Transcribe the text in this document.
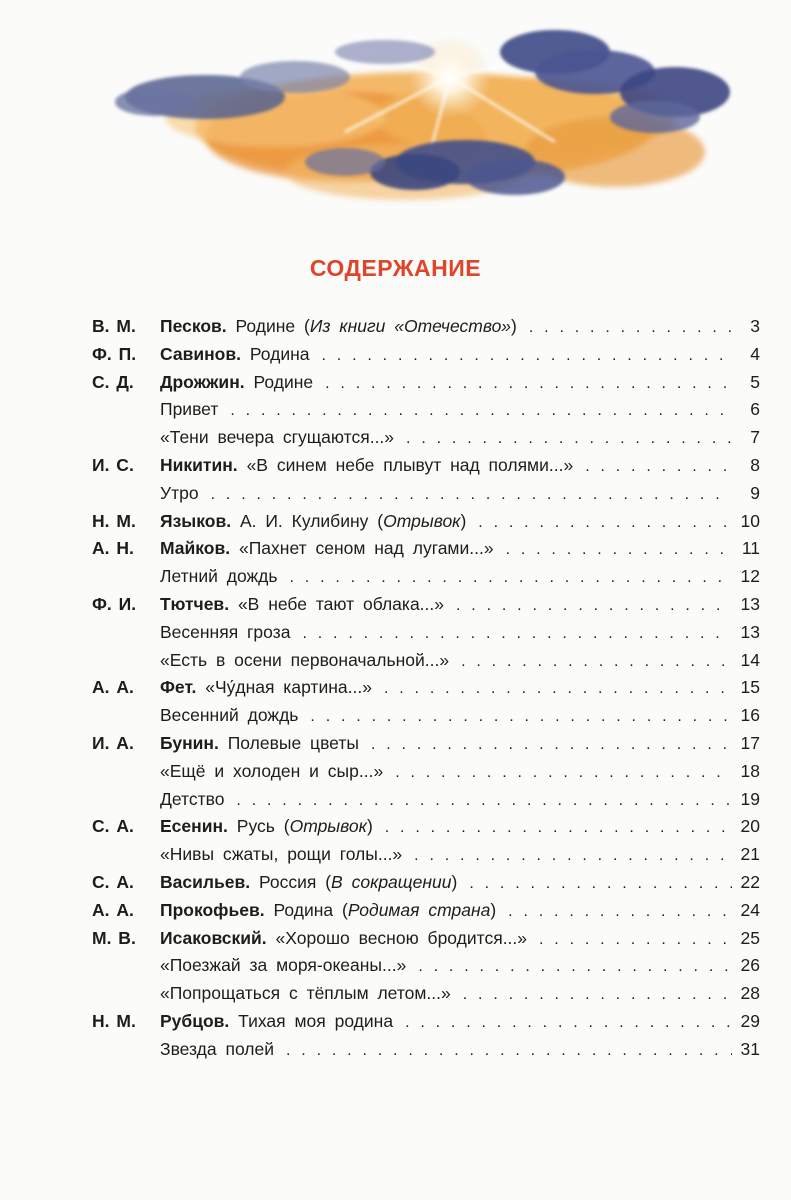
СОДЕРЖАНИЕ
В. М.	Песков. Родине (Из книги «Отечество») . . .	3
Ф. П.	Савинов. Родина . . .	4
С. Д.	Дрожжин. Родине . . .	5
Привет . . .	6
«Тени вечера сгущаются...» . . .	7
И. С.	Никитин. «В синем небе плывут над полями...» . . .	8
Утро . . .	9
Н. М.	Языков. А. И. Кулибину (Отрывок) . . .	10
А. Н.	Майков. «Пахнет сеном над лугами...» . . .	11
Летний дождь . . .	12
Ф. И.	Тютчев. «В небе тают облака...» . . .	13
Весенняя гроза . . .	13
«Есть в осени первоначальной...» . . .	14
А. А.	Фет. «Чу́дная картина...» . . .	15
Весенний дождь . . .	16
И. А.	Бунин. Полевые цветы . . .	17
«Ещё и холоден и сыр...» . . .	18
Детство . . .	19
С. А.	Есенин. Русь (Отрывок) . . .	20
«Нивы сжаты, рощи голы...» . . .	21
С. А.	Васильев. Россия (В сокращении) . . .	22
А. А.	Прокофьев. Родина (Родимая страна) . . .	24
М. В.	Исаковский. «Хорошо весною бродится...» . . .	25
«Поезжай за моря-океаны...» . . .	26
«Попрощаться с тёплым летом...» . . .	28
Н. М.	Рубцов. Тихая моя родина . . .	29
Звезда полей . . .	31
